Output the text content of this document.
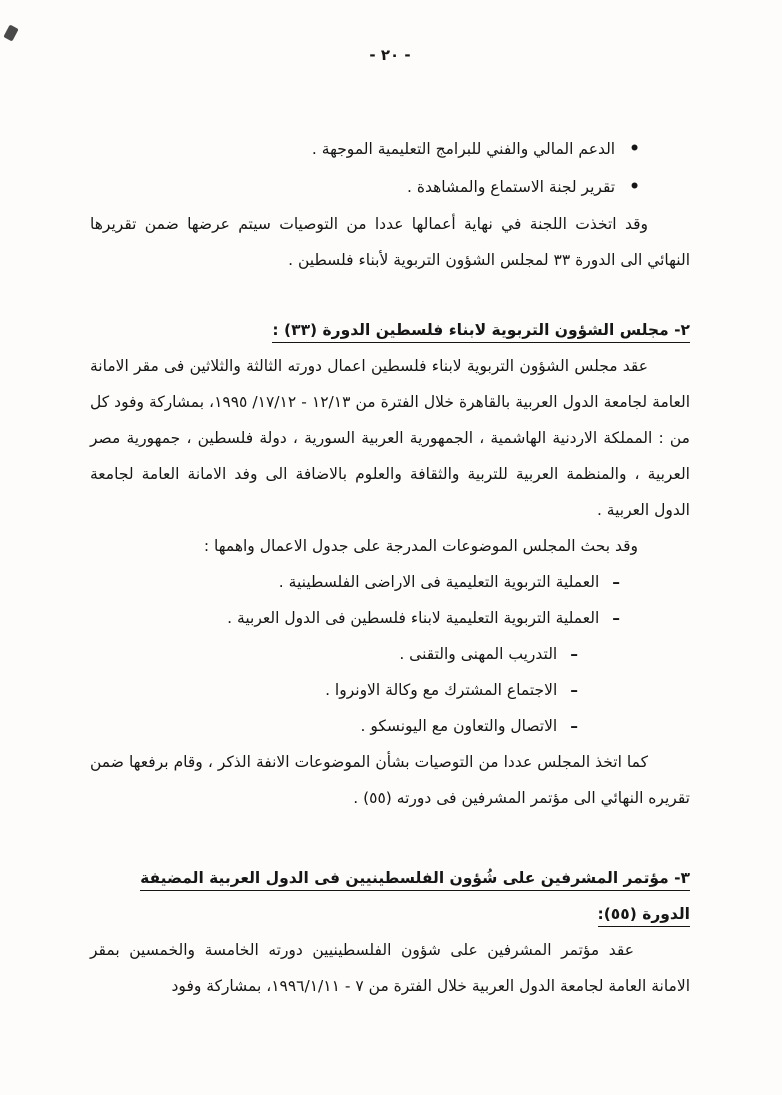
- ٢٠ -
•
الدعم المالي والفني للبرامج التعليمية الموجهة .
•
تقرير لجنة الاستماع والمشاهدة .

وقد اتخذت اللجنة في نهاية أعمالها عددا من التوصيات سيتم عرضها ضمن تقريرها النهائي الى الدورة ٣٣ لمجلس الشؤون التربوية لأبناء فلسطين .

٢- مجلس الشؤون التربوية لابناء فلسطين الدورة (٣٣) :

عقد مجلس الشؤون التربوية لابناء فلسطين اعمال دورته الثالثة والثلاثين فى مقر الامانة العامة لجامعة الدول العربية بالقاهرة خلال الفترة من ١٢/١٣ - ١٧/١٢/ ١٩٩٥، بمشاركة وفود كل من : المملكة الاردنية الهاشمية ، الجمهورية العربية السورية ، دولة فلسطين ، جمهورية مصر العربية ، والمنظمة العربية للتربية والثقافة والعلوم بالاضافة الى وفد الامانة العامة لجامعة الدول العربية .

وقد بحث المجلس الموضوعات المدرجة على جدول الاعمال واهمها :

–
العملية التربوية التعليمية فى الاراضى الفلسطينية .
–
العملية التربوية التعليمية لابناء فلسطين فى الدول العربية .
–
التدريب المهنى والتقنى .
–
الاجتماع المشترك مع وكالة الاونروا .
–
الاتصال والتعاون مع اليونسكو .

كما اتخذ المجلس عددا من التوصيات بشأن الموضوعات الانفة الذكر ، وقام برفعها ضمن تقريره النهائي الى مؤتمر المشرفين فى دورته (٥٥) .

٣- مؤتمر المشرفين على شُؤون الفلسطينيين فى الدول العربية المضيفة الدورة (٥٥):

عقد مؤتمر المشرفين على شؤون الفلسطينيين دورته الخامسة والخمسين بمقر الامانة العامة لجامعة الدول العربية خلال الفترة من ٧ - ١٩٩٦/١/١١، بمشاركة وفود
